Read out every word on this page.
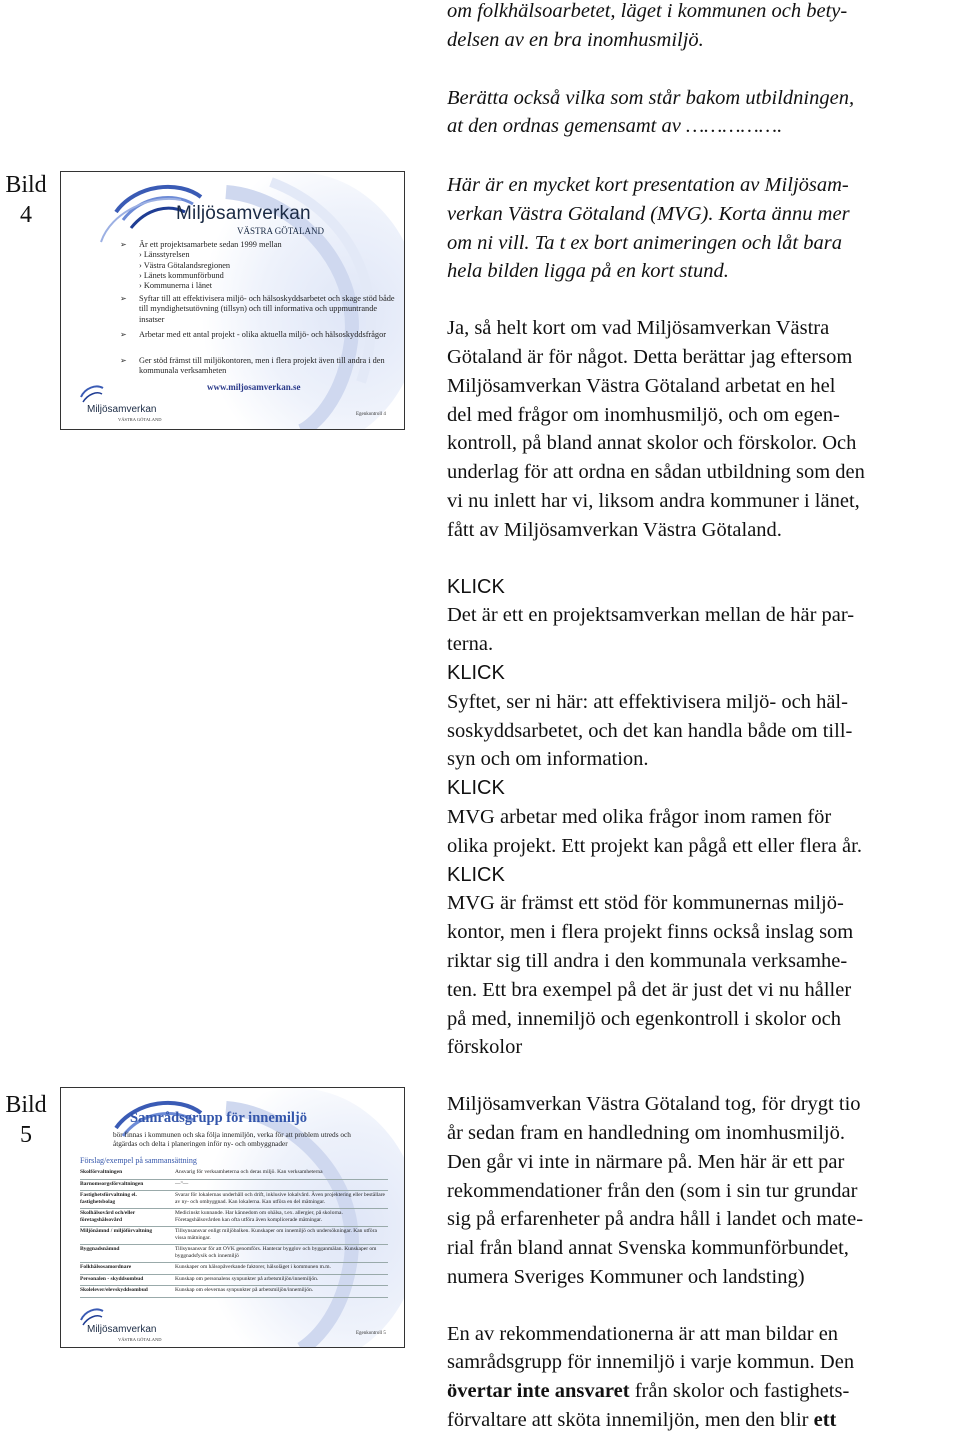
om folkhälsoarbetet, läget i kommunen och bety-
delsen av en bra inomhusmiljö.
Berätta också vilka som står bakom utbildningen,
at den ordnas gemensamt av …………….
Bild
4	Miljösamverkan
VÄSTRA GÖTALAND
➢	Är ett projektsamarbete sedan 1999 mellan
› Länsstyrelsen
› Västra Götalandsregionen
› Länets kommunförbund
› Kommunerna i länet
➢	Syftar till att effektivisera miljö- och hälsoskyddsarbetet och skage stöd både till myndighetsutövning (tillsyn) och till informativa och uppmuntrande insatser
➢	Arbetar med ett antal projekt - olika aktuella miljö- och hälsoskyddsfrågor
➢	Ger stöd främst till miljökontoren, men i flera projekt även till andra i den kommunala verksamheten
www.miljosamverkan.se
Miljösamverkan
VÄSTRA GÖTALAND
Egenkontroll 4
Här är en mycket kort presentation av Miljösam-
verkan Västra Götaland (MVG). Korta ännu mer
om ni vill. Ta t ex bort animeringen och låt bara
hela bilden ligga på en kort stund.
Ja, så helt kort om vad Miljösamverkan Västra
Götaland är för något. Detta berättar jag eftersom
Miljösamverkan Västra Götaland arbetat en hel
del med frågor om inomhusmiljö, och om egen-
kontroll, på bland annat skolor och förskolor. Och
underlag för att ordna en sådan utbildning som den
vi nu inlett har vi, liksom andra kommuner i länet,
fått av Miljösamverkan Västra Götaland.
KLICK
Det är ett en projektsamverkan mellan de här par-
terna.
KLICK
Syftet, ser ni här: att effektivisera miljö- och häl-
soskyddsarbetet, och det kan handla både om till-
syn och om information.
KLICK
MVG arbetar med olika frågor inom ramen för
olika projekt. Ett projekt kan pågå ett eller flera år.
KLICK
MVG är främst ett stöd för kommunernas miljö-
kontor, men i flera projekt finns också inslag som
riktar sig till andra i den kommunala verksamhe-
ten. Ett bra exempel på det är just det vi nu håller
på med, innemiljö och egenkontroll i skolor och
förskolor
Miljösamverkan Västra Götaland tog, för drygt tio
år sedan fram en handledning om inomhusmiljö.
Den går vi inte in närmare på. Men här är ett par
rekommendationer från den (som i sin tur grundar
sig på erfarenheter på andra håll i landet och mate-
rial från bland annat Svenska kommunförbundet,
numera Sveriges Kommuner och landsting)
En av rekommendationerna är att man bildar en
samrådsgrupp för innemiljö i varje kommun. Den
övertar inte ansvaret från skolor och fastighets-
förvaltare att sköta innemiljön, men den blir ett
Bild
5
Samrådsgrupp för innemiljö
bör finnas i kommunen och ska följa innemiljön, verka för att problem utreds och åtgärdas och delta i planeringen inför ny- och ombyggnader
Förslag/exempel på sammansättning
Skolförvaltningen	Ansvarig för verksamheterna och deras miljö. Kan verksamheterna
Barnomsorgsförvaltningen	—"—
Fastighetsförvaltning el. fastighetsbolag	Svarar för lokalernas underhåll och drift, inklusive lokalvård. Även projektering eller beställare av ny- och ombyggnad. Kan lokalerna. Kan utföra en del mätningar.
Skolhälsovård och/eller företagshälsovård	Medicinskt kunnande. Har kännedom om ohälsa, t.ex. allergier, på skolorna. Företagshälsovården kan ofta utföra även komplicerade mätningar.
Miljönämnd / miljöförvaltning	Tillsynsansvar enligt miljöbalken. Kunskaper om innemiljö och undersökningar. Kan utföra vissa mätningar.
Byggnadsnämnd	Tillsynsansvar för att OVK genomförs. Hanterar bygglov och bygganmälan. Kunskaper om byggnadsfysik och innemiljö
Folkhälsosamordnare	Kunskaper om hälsopåverkande faktorer, hälsoläget i kommunen m.m.
Personalen - skyddsombud	Kunskap om personalens synpunkter på arbetsmiljön/innemiljön.
Skolelever/elevskyddsombud	Kunskap om elevernas synpunkter på arbetsmiljön/innemiljön.
Miljösamverkan
VÄSTRA GÖTALAND
Egenkontroll 5
